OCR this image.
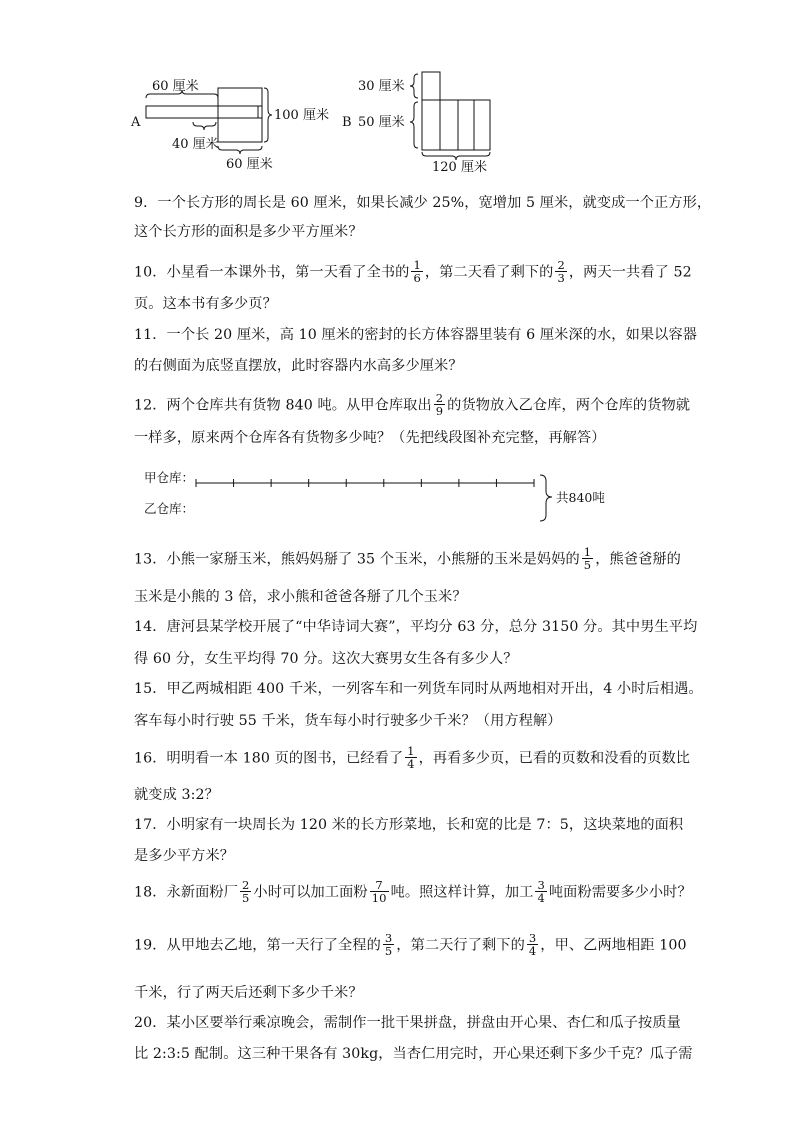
A
60 厘米
40 厘米
60 厘米
100 厘米
30 厘米
B 50 厘米
120 厘米
9．一个长方形的周长是 60 厘米，如果长减少 25%，宽增加 5 厘米，就变成一个正方形，
这个长方形的面积是多少平方厘米？
10．小星看一本课外书，第一天看了全书的 $\frac{1}{6}$ ，第二天看了剩下的 $\frac{2}{3}$ ，两天一共看了 52
页。这本书有多少页？
11．一个长 20 厘米，高 10 厘米的密封的长方体容器里装有 6 厘米深的水，如果以容器
的右侧面为底竖直摆放，此时容器内水高多少厘米？
12．两个仓库共有货物 840 吨。从甲仓库取出 $\frac{2}{9}$ 的货物放入乙仓库，两个仓库的货物就
一样多，原来两个仓库各有货物多少吨？（先把线段图补充完整，再解答）
甲仓库：
乙仓库：
共840吨
13．小熊一家掰玉米，熊妈妈掰了 35 个玉米，小熊掰的玉米是妈妈的 $\frac{1}{5}$ ，熊爸爸掰的
玉米是小熊的 3 倍，求小熊和爸爸各掰了几个玉米？
14．唐河县某学校开展了“中华诗词大赛”，平均分 63 分，总分 3150 分。其中男生平均
得 60 分，女生平均得 70 分。这次大赛男女生各有多少人？
15．甲乙两城相距 400 千米，一列客车和一列货车同时从两地相对开出，4 小时后相遇。
客车每小时行驶 55 千米，货车每小时行驶多少千米？（用方程解）
16．明明看一本 180 页的图书，已经看了 $\frac{1}{4}$ ，再看多少页，已看的页数和没看的页数比
就变成 3:2？
17．小明家有一块周长为 120 米的长方形菜地，长和宽的比是 7：5，这块菜地的面积
是多少平方米？
18．永新面粉厂 $\frac{2}{5}$ 小时可以加工面粉 $\frac{7}{10}$ 吨。照这样计算，加工 $\frac{3}{4}$ 吨面粉需要多少小时？
19．从甲地去乙地，第一天行了全程的 $\frac{3}{5}$ ，第二天行了剩下的 $\frac{3}{4}$ ，甲、乙两地相距 100
千米，行了两天后还剩下多少千米？
20．某小区要举行乘凉晚会，需制作一批干果拼盘，拼盘由开心果、杏仁和瓜子按质量
比 2:3:5 配制。这三种干果各有 30kg，当杏仁用完时，开心果还剩下多少千克？瓜子需
